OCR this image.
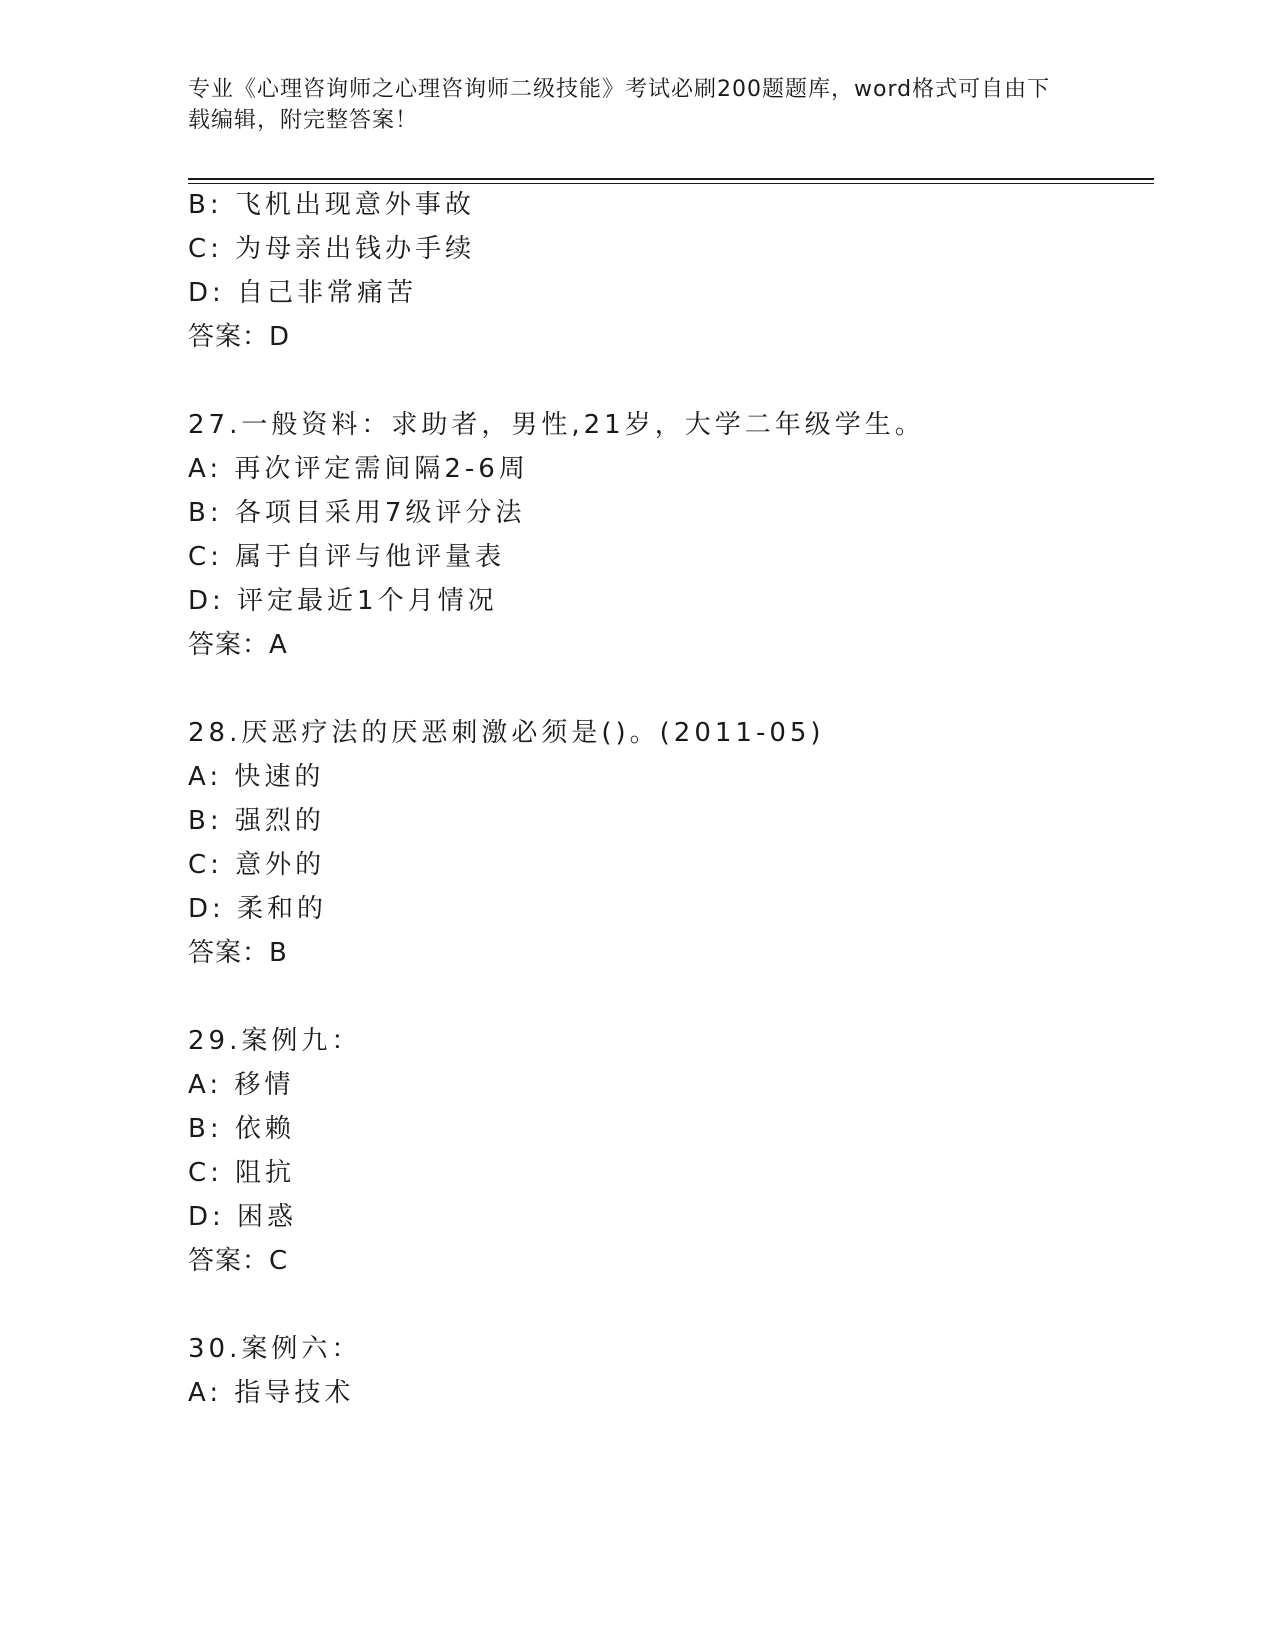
专业《心理咨询师之心理咨询师二级技能》考试必刷200题题库，word格式可自由下载编辑，附完整答案！
B: 飞机出现意外事故
C: 为母亲出钱办手续
D: 自己非常痛苦
答案：D
27.一般资料：求助者，男性,21岁，大学二年级学生。
A: 再次评定需间隔2-6周
B: 各项目采用7级评分法
C: 属于自评与他评量表
D: 评定最近1个月情况
答案：A
28.厌恶疗法的厌恶刺激必须是()。(2011-05)
A: 快速的
B: 强烈的
C: 意外的
D: 柔和的
答案：B
29.案例九：
A: 移情
B: 依赖
C: 阻抗
D: 困惑
答案：C
30.案例六：
A: 指导技术
